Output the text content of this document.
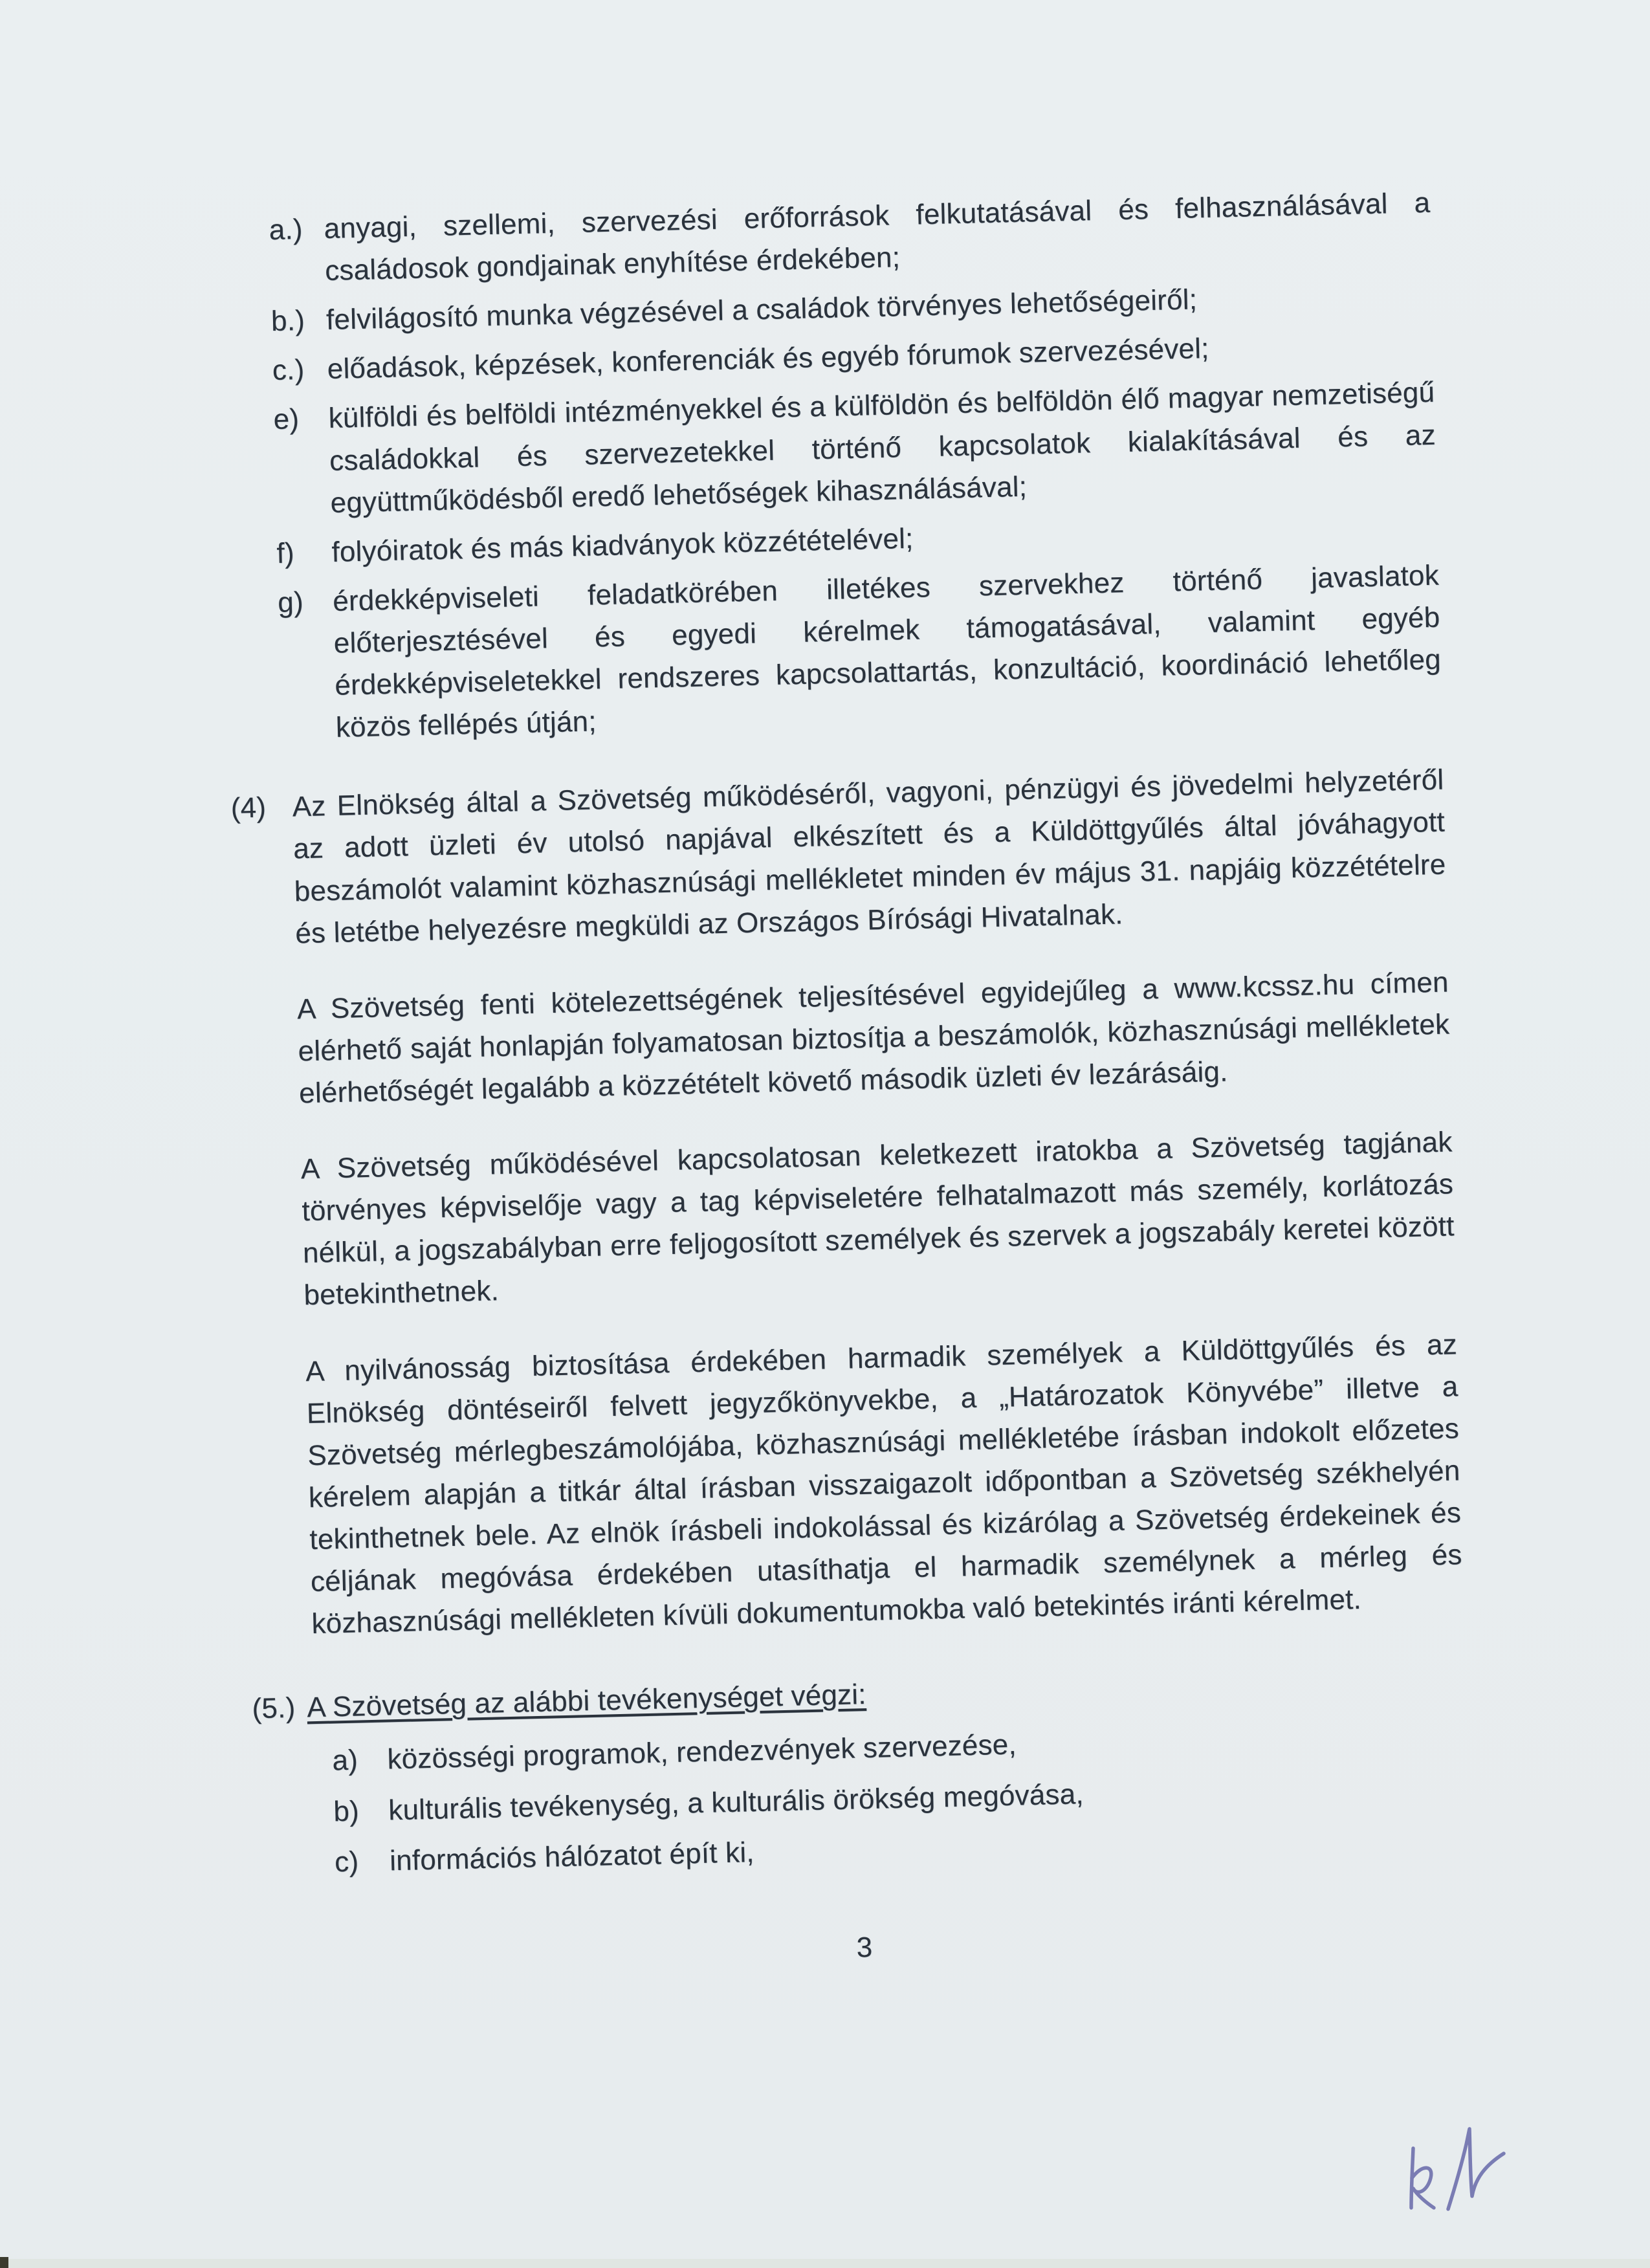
a.) anyagi, szellemi, szervezési erőforrások felkutatásával és felhasználásával a családosok gondjainak enyhítése érdekében;
b.) felvilágosító munka végzésével a családok törvényes lehetőségeiről;
c.) előadások, képzések, konferenciák és egyéb fórumok szervezésével;
e)	külföldi és belföldi intézményekkel és a külföldön és belföldön élő magyar nemzetiségű családokkal és szervezetekkel történő kapcsolatok kialakításával és az együttműködésből eredő lehetőségek kihasználásával;
f)	folyóiratok és más kiadványok közzétételével;
g)	érdekképviseleti feladatkörében illetékes szervekhez történő javaslatok előterjesztésével és egyedi kérelmek támogatásával, valamint egyéb érdekképviseletekkel rendszeres kapcsolattartás, konzultáció, koordináció lehetőleg közös fellépés útján;
(4) Az Elnökség által a Szövetség működéséről, vagyoni, pénzügyi és jövedelmi helyzetéről az adott üzleti év utolsó napjával elkészített és a Küldöttgyűlés által jóváhagyott beszámolót valamint közhasznúsági mellékletet minden év május 31. napjáig közzétételre és letétbe helyezésre megküldi az Országos Bírósági Hivatalnak.

A Szövetség fenti kötelezettségének teljesítésével egyidejűleg a www.kcssz.hu címen elérhető saját honlapján folyamatosan biztosítja a beszámolók, közhasznúsági mellékletek elérhetőségét legalább a közzétételt követő második üzleti év lezárásáig.

A Szövetség működésével kapcsolatosan keletkezett iratokba a Szövetség tagjának törvényes képviselője vagy a tag képviseletére felhatalmazott más személy, korlátozás nélkül, a jogszabályban erre feljogosított személyek és szervek a jogszabály keretei között betekinthetnek.

A nyilvánosság biztosítása érdekében harmadik személyek a Küldöttgyűlés és az Elnökség döntéseiről felvett jegyzőkönyvekbe, a „Határozatok Könyvébe” illetve a Szövetség mérlegbeszámolójába, közhasznúsági mellékletébe írásban indokolt előzetes kérelem alapján a titkár által írásban visszaigazolt időpontban a Szövetség székhelyén tekinthetnek bele. Az elnök írásbeli indokolással és kizárólag a Szövetség érdekeinek és céljának megóvása érdekében utasíthatja el harmadik személynek a mérleg és közhasznúsági mellékleten kívüli dokumentumokba való betekintés iránti kérelmet.

(5.) A Szövetség az alábbi tevékenységet végzi:
a)	közösségi programok, rendezvények szervezése,
b)	kulturális tevékenység, a kulturális örökség megóvása,
c)	információs hálózatot épít ki,
3
